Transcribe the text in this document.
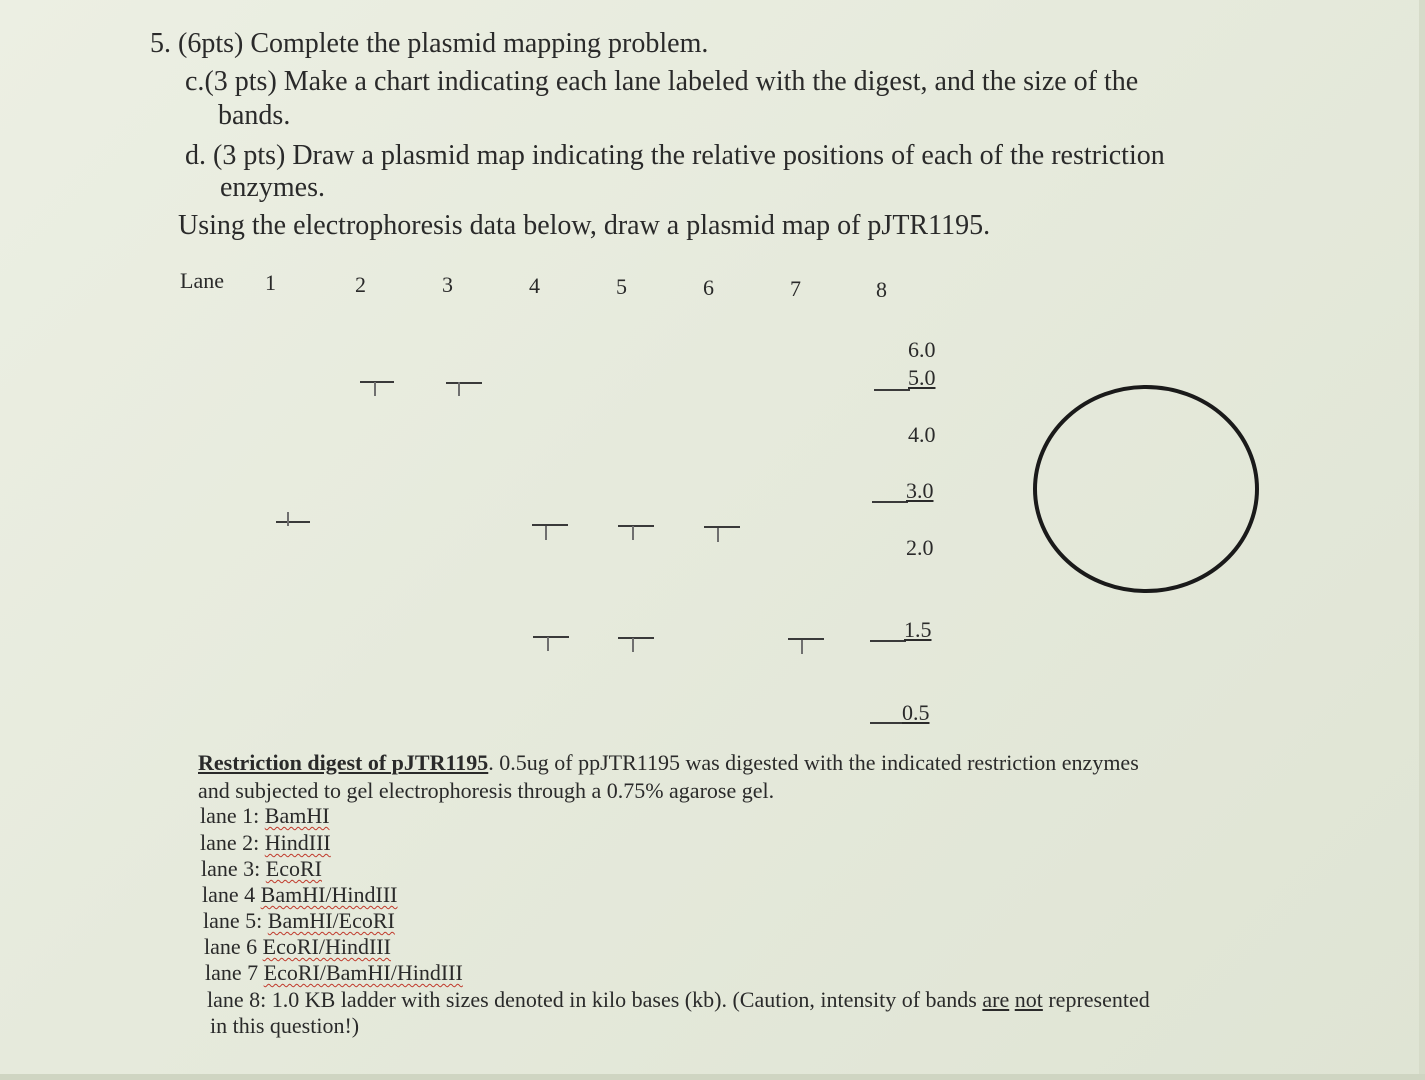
5. (6pts) Complete the plasmid mapping problem.
c.(3 pts) Make a chart indicating each lane labeled with the digest, and the size of the
bands.
d. (3 pts) Draw a plasmid map indicating the relative positions of each of the restriction
enzymes.
Using the electrophoresis data below, draw a plasmid map of pJTR1195.
Lane 1	2	3	4	5	6	7	8
6.0
5.0
4.0
3.0
2.0
1.5
0.5
Restriction digest of pJTR1195. 0.5ug of ppJTR1195 was digested with the indicated restriction enzymes
and subjected to gel electrophoresis through a 0.75% agarose gel.
lane 1: BamHI
lane 2: HindIII
lane 3: EcoRI
lane 4 BamHI/HindIII
lane 5: BamHI/EcoRI
lane 6 EcoRI/HindIII
lane 7 EcoRI/BamHI/HindIII
lane 8: 1.0 KB ladder with sizes denoted in kilo bases (kb). (Caution, intensity of bands are not represented
in this question!)
